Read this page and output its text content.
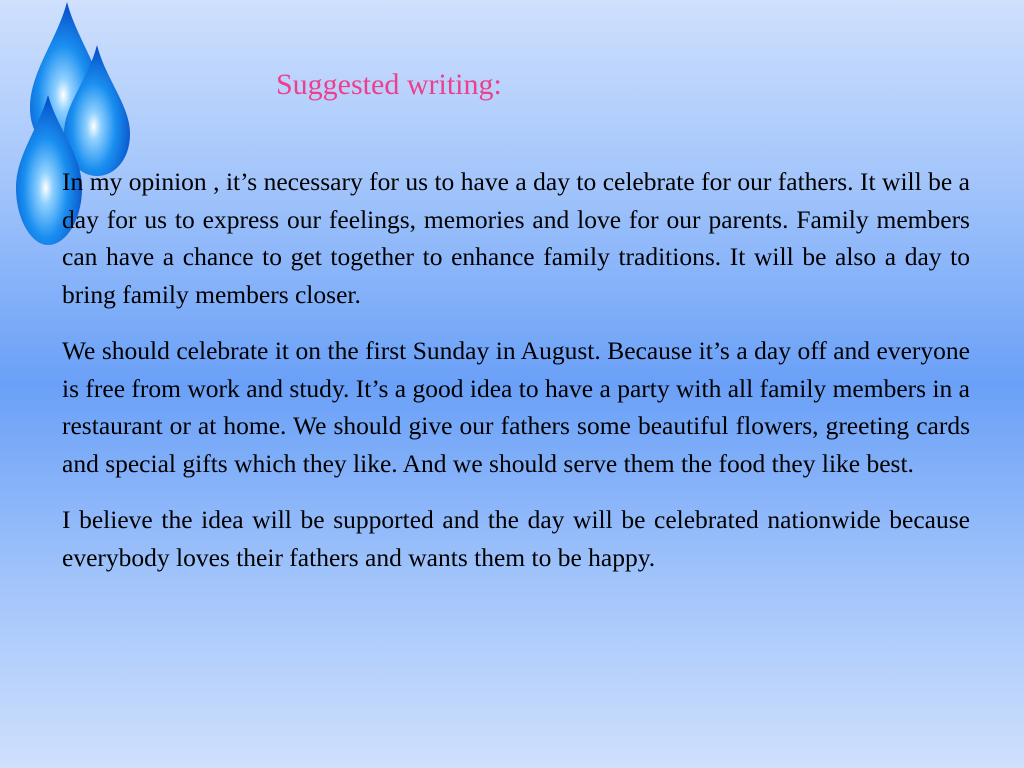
Suggested writing:

In my opinion , it’s necessary for us to have a day to celebrate for our fathers. It will be a day for us to express our feelings, memories and love for our parents. Family members can have a chance to get together to enhance family traditions. It will be also a day to bring family members closer.

We should celebrate it on the first Sunday in August. Because it’s a day off and everyone is free from work and study. It’s a good idea to have a party with all family members in a restaurant or at home. We should give our fathers some beautiful flowers, greeting cards and special gifts which they like. And we should serve them the food they like best.

I believe the idea will be supported and the day will be celebrated nationwide because everybody loves their fathers and wants them to be happy.
